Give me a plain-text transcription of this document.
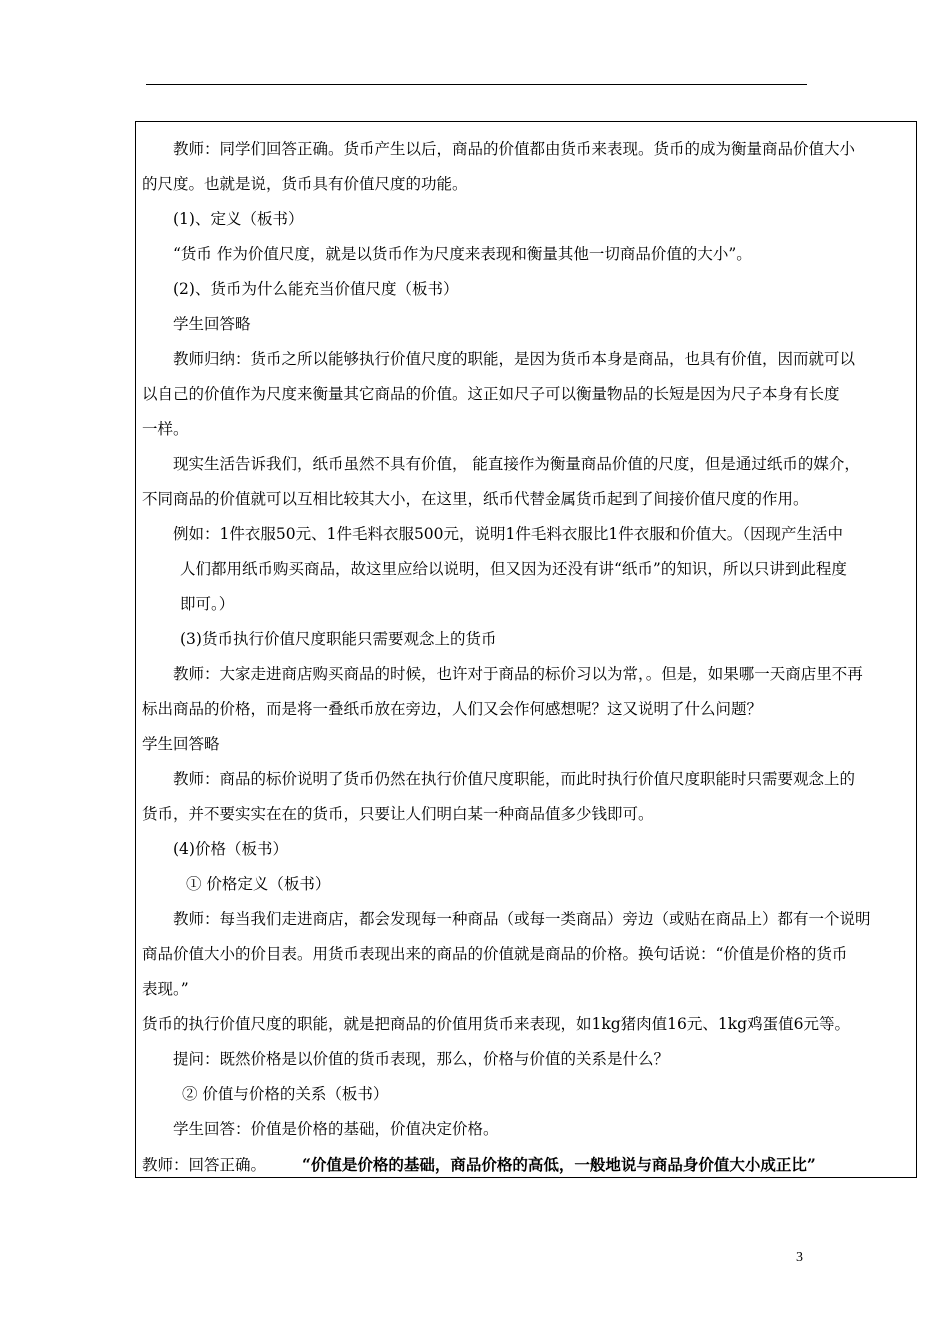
教师：同学们回答正确。货币产生以后，商品的价值都由货币来表现。货币的成为衡量商品价值大小
的尺度。也就是说，货币具有价值尺度的功能。
(1)、定义（板书）
“货币 作为价值尺度，就是以货币作为尺度来表现和衡量其他一切商品价值的大小”。
(2)、货币为什么能充当价值尺度（板书）
学生回答略
教师归纳：货币之所以能够执行价值尺度的职能，是因为货币本身是商品，也具有价值，因而就可以
以自己的价值作为尺度来衡量其它商品的价值。这正如尺子可以衡量物品的长短是因为尺子本身有长度
一样。
现实生活告诉我们，纸币虽然不具有价值， 能直接作为衡量商品价值的尺度，但是通过纸币的媒介，
不同商品的价值就可以互相比较其大小，在这里，纸币代替金属货币起到了间接价值尺度的作用。
例如：1件衣服50元、1件毛料衣服500元，说明1件毛料衣服比1件衣服和价值大。（因现产生活中
人们都用纸币购买商品，故这里应给以说明，但又因为还没有讲“纸币”的知识，所以只讲到此程度
即可。）
(3)货币执行价值尺度职能只需要观念上的货币
教师：大家走进商店购买商品的时候，也许对于商品的标价习以为常，。但是，如果哪一天商店里不再
标出商品的价格，而是将一叠纸币放在旁边，人们又会作何感想呢？这又说明了什么问题？
学生回答略
教师：商品的标价说明了货币仍然在执行价值尺度职能，而此时执行价值尺度职能时只需要观念上的
货币，并不要实实在在的货币，只要让人们明白某一种商品值多少钱即可。
(4)价格（板书）
① 价格定义（板书）
教师：每当我们走进商店，都会发现每一种商品（或每一类商品）旁边（或贴在商品上）都有一个说明
商品价值大小的价目表。用货币表现出来的商品的价值就是商品的价格。换句话说：“价值是价格的货币
表现。”
货币的执行价值尺度的职能，就是把商品的价值用货币来表现，如1kg猪肉值16元、1kg鸡蛋值6元等。
提问：既然价格是以价值的货币表现，那么，价格与价值的关系是什么？
② 价值与价格的关系（板书）
学生回答：价值是价格的基础，价值决定价格。
教师：回答正确。 “价值是价格的基础，商品价格的高低，一般地说与商品身价值大小成正比”
3
